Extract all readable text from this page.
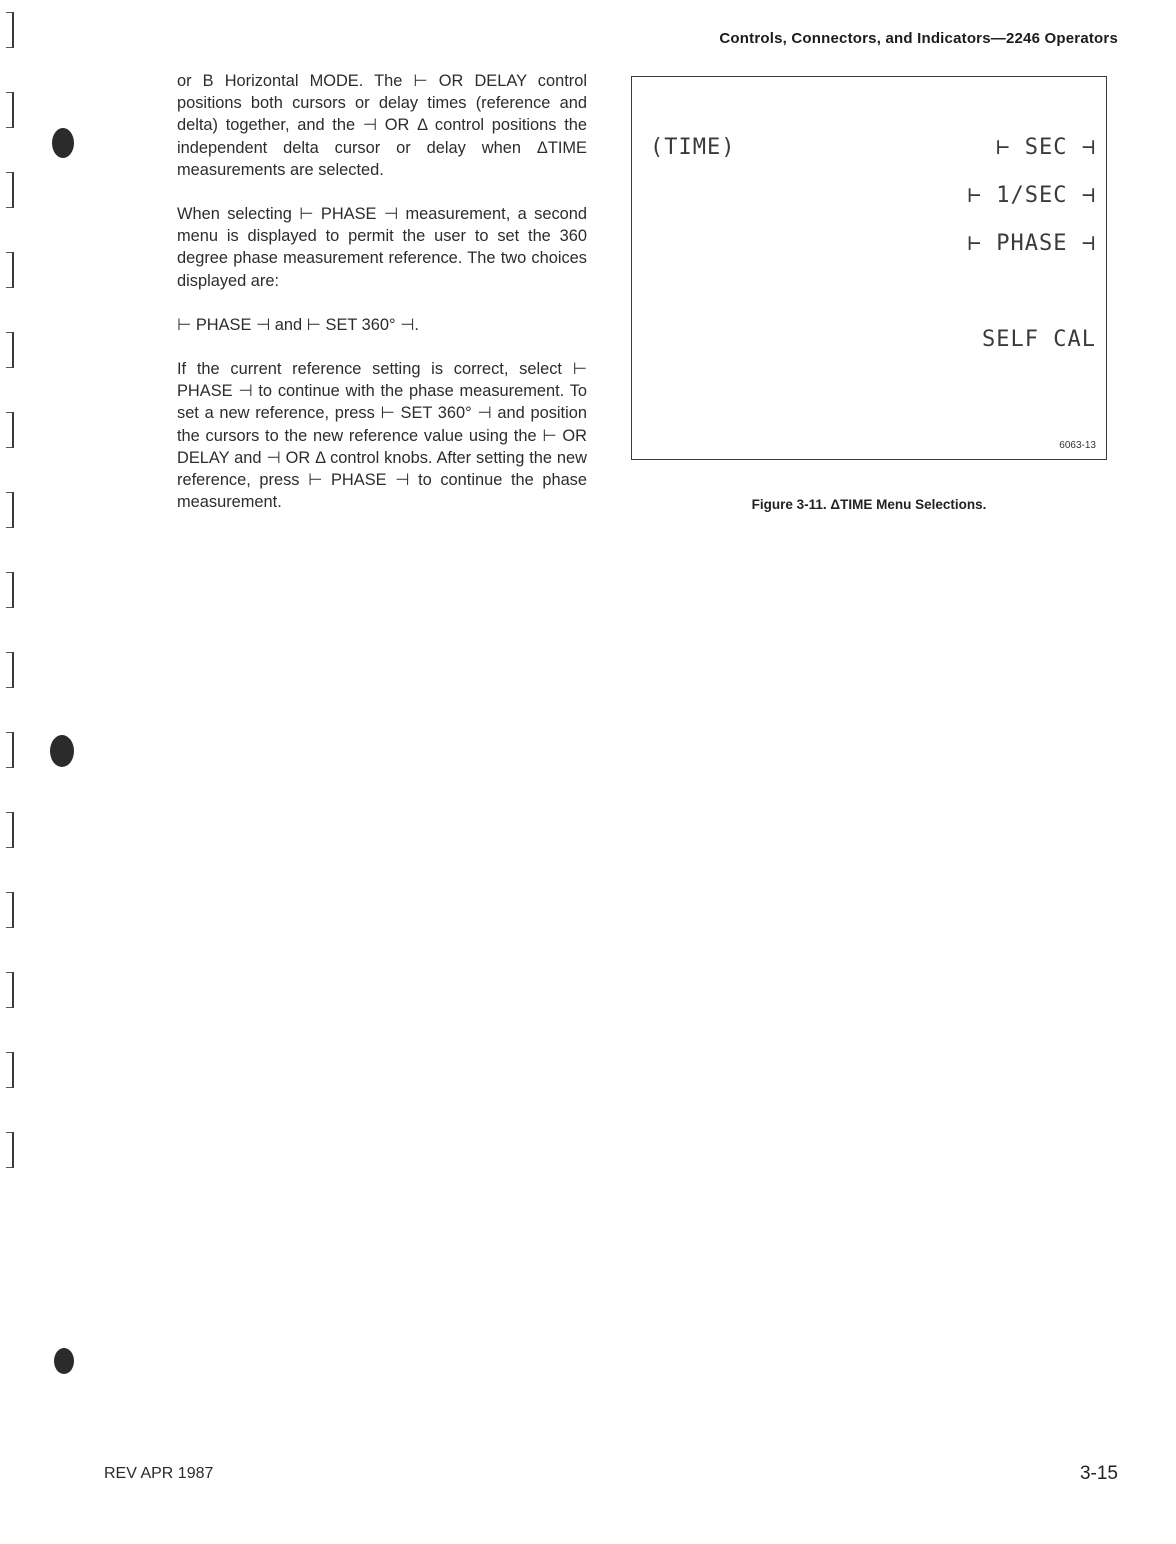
Controls, Connectors, and Indicators—2246 Operators

or B Horizontal MODE. The ⊢ OR DELAY control positions both cursors or delay times (reference and delta) together, and the ⊣ OR Δ control positions the independent delta cursor or delay when ΔTIME measurements are selected.

When selecting ⊢ PHASE ⊣ measurement, a second menu is displayed to permit the user to set the 360 degree phase measurement reference. The two choices displayed are:

⊢ PHASE ⊣ and ⊢ SET 360° ⊣.

If the current reference setting is correct, select ⊢ PHASE ⊣ to continue with the phase measurement. To set a new reference, press ⊢ SET 360° ⊣ and position the cursors to the new reference value using the ⊢ OR DELAY and ⊣ OR Δ control knobs. After setting the new reference, press ⊢ PHASE ⊣ to continue the phase measurement.

(TIME)	⊢ SEC ⊣
⊢ 1/SEC ⊣
⊢ PHASE ⊣
SELF CAL
6063-13
Figure 3-11. ΔTIME Menu Selections.
REV APR 1987	3-15
